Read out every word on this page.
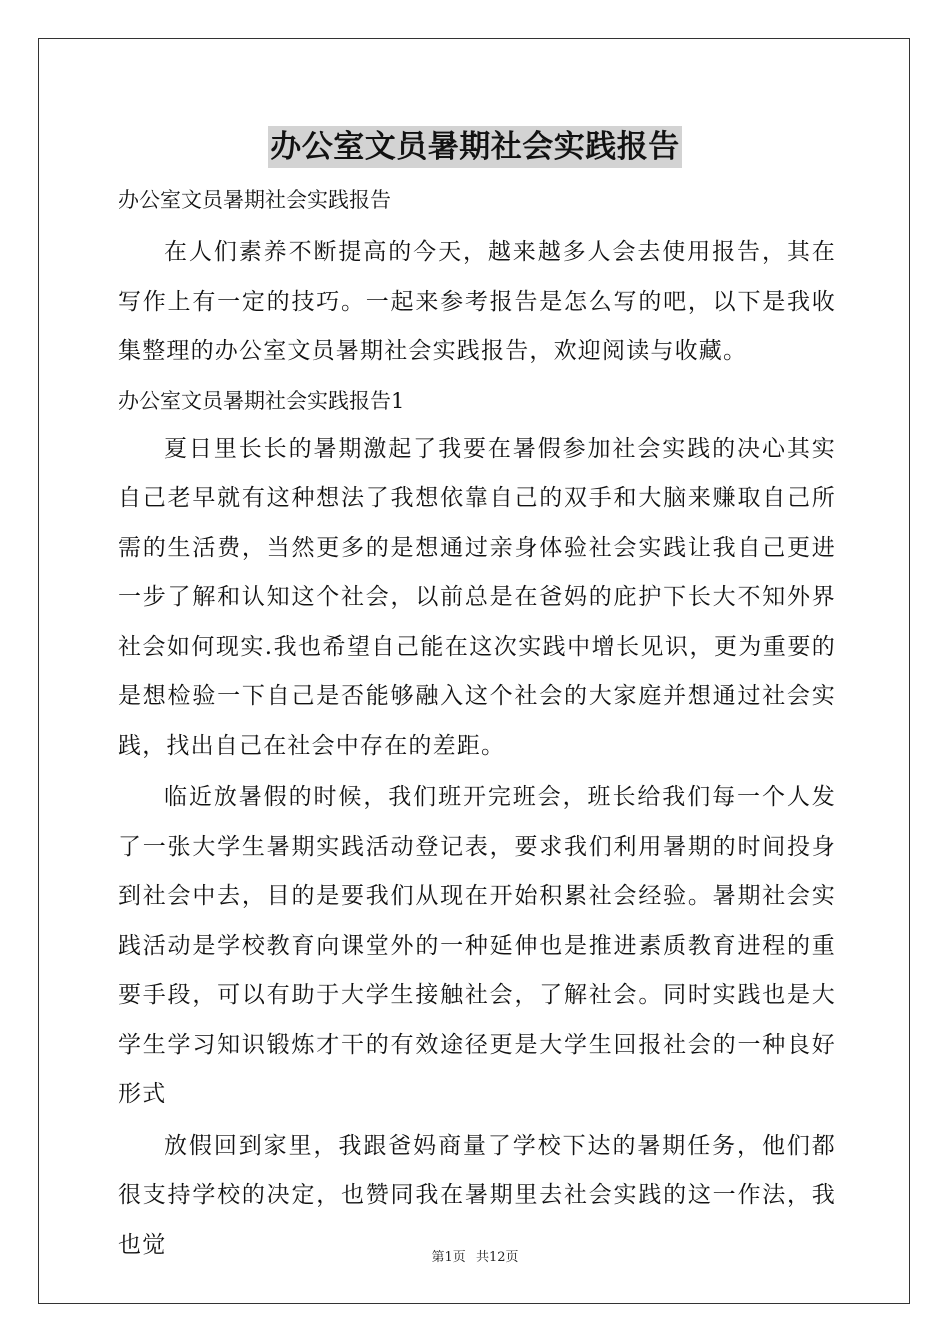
办公室文员暑期社会实践报告

办公室文员暑期社会实践报告

在人们素养不断提高的今天，越来越多人会去使用报告，其在写作上有一定的技巧。一起来参考报告是怎么写的吧，以下是我收集整理的办公室文员暑期社会实践报告，欢迎阅读与收藏。

办公室文员暑期社会实践报告1

夏日里长长的暑期激起了我要在暑假参加社会实践的决心其实自己老早就有这种想法了我想依靠自己的双手和大脑来赚取自己所需的生活费，当然更多的是想通过亲身体验社会实践让我自己更进一步了解和认知这个社会，以前总是在爸妈的庇护下长大不知外界社会如何现实.我也希望自己能在这次实践中增长见识，更为重要的是想检验一下自己是否能够融入这个社会的大家庭并想通过社会实践，找出自己在社会中存在的差距。

临近放暑假的时候，我们班开完班会，班长给我们每一个人发了一张大学生暑期实践活动登记表，要求我们利用暑期的时间投身到社会中去，目的是要我们从现在开始积累社会经验。暑期社会实践活动是学校教育向课堂外的一种延伸也是推进素质教育进程的重要手段，可以有助于大学生接触社会，了解社会。同时实践也是大学生学习知识锻炼才干的有效途径更是大学生回报社会的一种良好形式

放假回到家里，我跟爸妈商量了学校下达的暑期任务，他们都很支持学校的决定，也赞同我在暑期里去社会实践的这一作法，我也觉	第1页 共12页
